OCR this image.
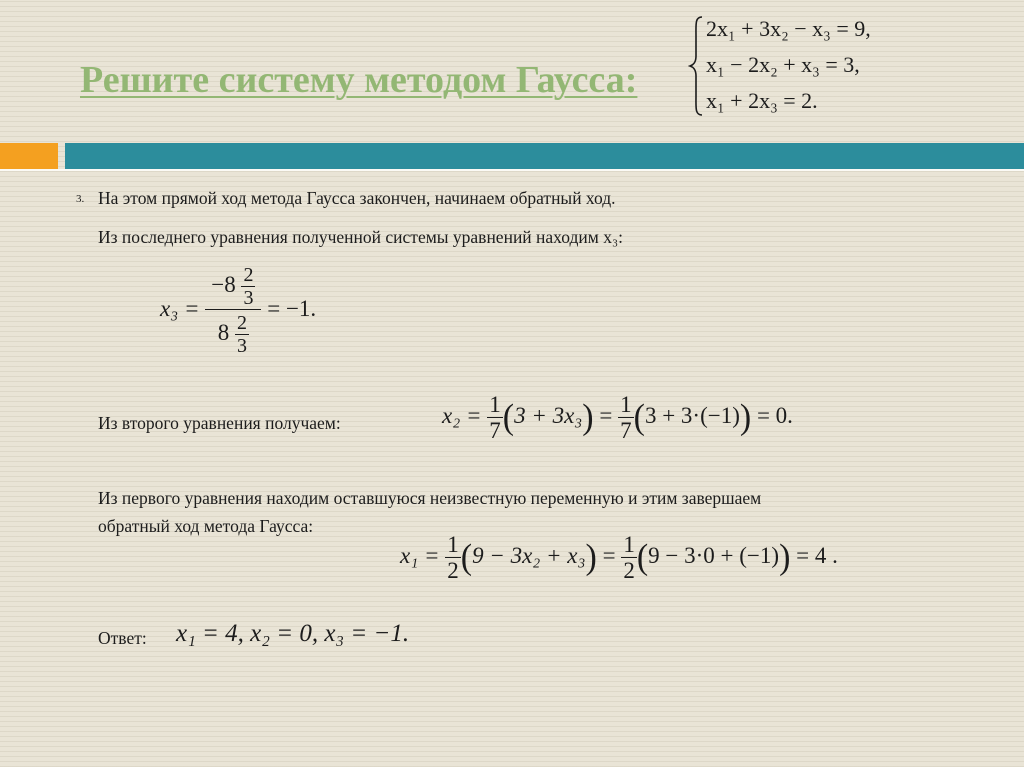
Решите систему методом Гаусса:
2x₁ + 3x₂ − x₃ = 9,
x₁ − 2x₂ + x₃ = 3,
x₁ + 2x₃ = 2.
3. На этом прямой ход метода Гаусса закончен, начинаем обратный ход.
Из последнего уравнения полученной системы уравнений находим x₃:
$x_3 = \frac{-8 \frac{2}{3}}{8 \frac{2}{3}} = -1$.
Из второго уравнения получаем:	$x_2 = \frac{1}{7} (3 + 3x_3) = \frac{1}{7} (3 + 3\cdot(-1)) = 0$.
Из первого уравнения находим оставшуюся неизвестную переменную и этим завершаем
обратный ход метода Гаусса:
$x_1 = \frac{1}{2} (9 - 3x_2 + x_3) = \frac{1}{2} (9 - 3\cdot 0 + (-1)) = 4$ .
Ответ: x₁ = 4, x₂ = 0, x₃ = −1.
